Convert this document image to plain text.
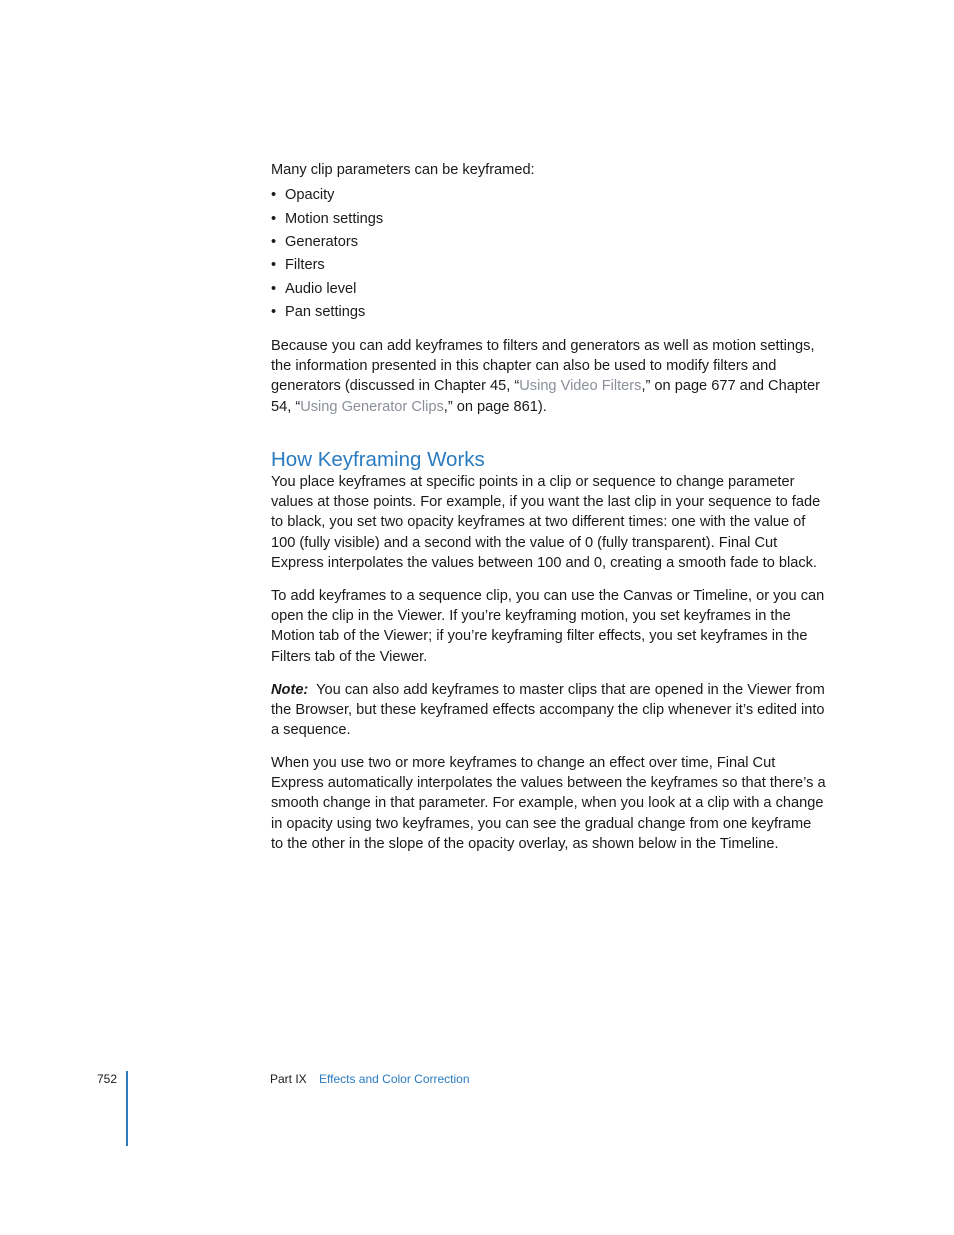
Many clip parameters can be keyframed:

• Opacity
• Motion settings
• Generators
• Filters
• Audio level
• Pan settings

Because you can add keyframes to filters and generators as well as motion settings, the information presented in this chapter can also be used to modify filters and generators (discussed in Chapter 45, “Using Video Filters,” on page 677 and Chapter 54, “Using Generator Clips,” on page 861).

How Keyframing Works

You place keyframes at specific points in a clip or sequence to change parameter values at those points. For example, if you want the last clip in your sequence to fade to black, you set two opacity keyframes at two different times: one with the value of 100 (fully visible) and a second with the value of 0 (fully transparent). Final Cut Express interpolates the values between 100 and 0, creating a smooth fade to black.

To add keyframes to a sequence clip, you can use the Canvas or Timeline, or you can open the clip in the Viewer. If you’re keyframing motion, you set keyframes in the Motion tab of the Viewer; if you’re keyframing filter effects, you set keyframes in the Filters tab of the Viewer.

Note: You can also add keyframes to master clips that are opened in the Viewer from the Browser, but these keyframed effects accompany the clip whenever it’s edited into a sequence.

When you use two or more keyframes to change an effect over time, Final Cut Express automatically interpolates the values between the keyframes so that there’s a smooth change in that parameter. For example, when you look at a clip with a change in opacity using two keyframes, you can see the gradual change from one keyframe to the other in the slope of the opacity overlay, as shown below in the Timeline.

752	Part IX Effects and Color Correction
